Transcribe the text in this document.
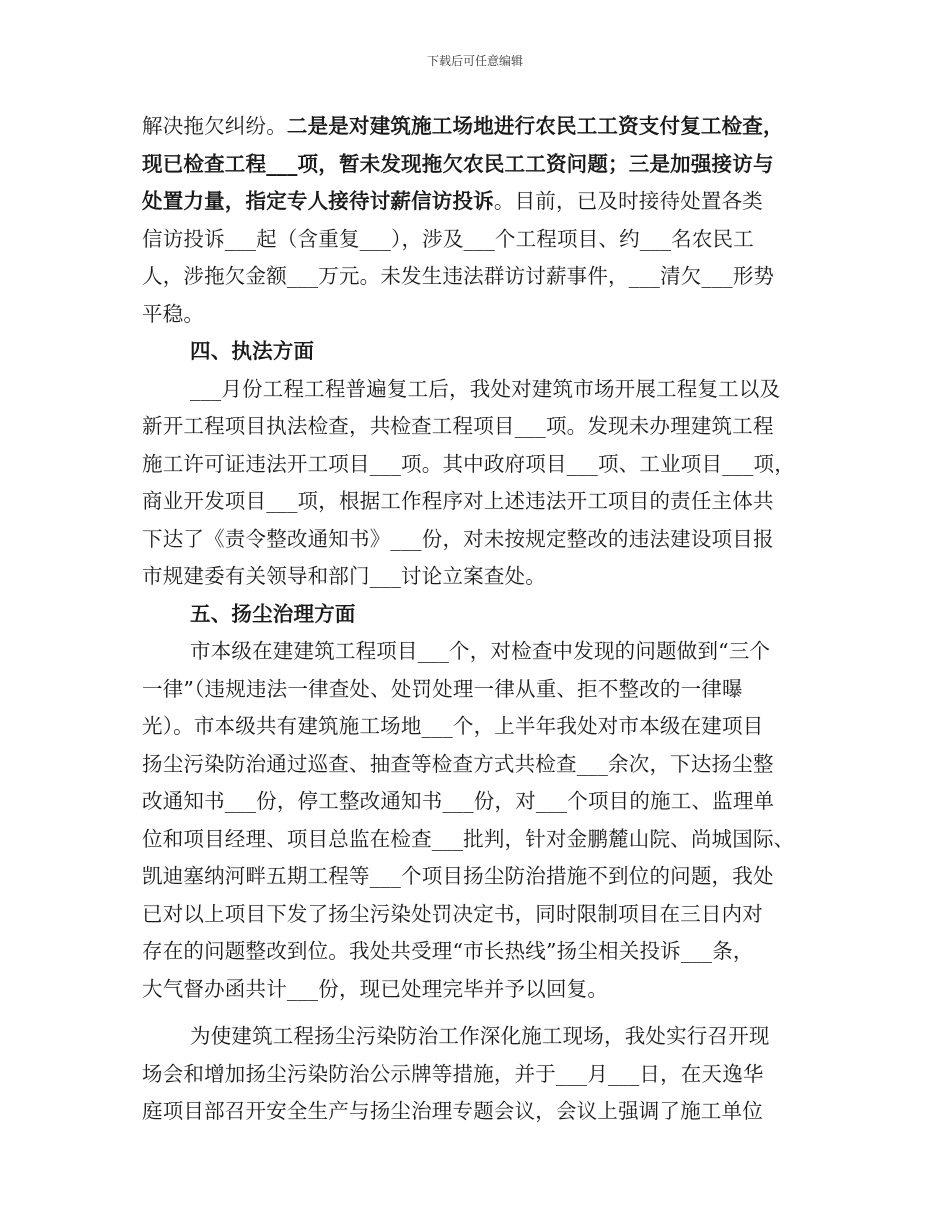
下载后可任意编辑
解决拖欠纠纷。二是是对建筑施工场地进行农民工工资支付复工检查，
现已检查工程___项，暂未发现拖欠农民工工资问题；三是加强接访与
处置力量，指定专人接待讨薪信访投诉。目前，已及时接待处置各类
信访投诉___起（含重复___），涉及___个工程项目、约___名农民工
人，涉拖欠金额___万元。未发生违法群访讨薪事件，___清欠___形势
平稳。
四、执法方面
___月份工程工程普遍复工后，我处对建筑市场开展工程复工以及
新开工程项目执法检查，共检查工程项目___项。发现未办理建筑工程
施工许可证违法开工项目___项。其中政府项目___项、工业项目___项，
商业开发项目___项，根据工作程序对上述违法开工项目的责任主体共
下达了《责令整改通知书》___份，对未按规定整改的违法建设项目报
市规建委有关领导和部门___讨论立案查处。
五、扬尘治理方面
市本级在建建筑工程项目___个，对检查中发现的问题做到“三个
一律”（违规违法一律查处、处罚处理一律从重、拒不整改的一律曝
光）。市本级共有建筑施工场地___个，上半年我处对市本级在建项目
扬尘污染防治通过巡查、抽查等检查方式共检查___余次，下达扬尘整
改通知书___份，停工整改通知书___份，对___个项目的施工、监理单
位和项目经理、项目总监在检查___批判，针对金鹏麓山院、尚城国际、
凯迪塞纳河畔五期工程等___个项目扬尘防治措施不到位的问题，我处
已对以上项目下发了扬尘污染处罚决定书，同时限制项目在三日内对
存在的问题整改到位。我处共受理“市长热线”扬尘相关投诉___条，
大气督办函共计___份，现已处理完毕并予以回复。
为使建筑工程扬尘污染防治工作深化施工现场，我处实行召开现
场会和增加扬尘污染防治公示牌等措施，并于___月___日，在天逸华
庭项目部召开安全生产与扬尘治理专题会议，会议上强调了施工单位
